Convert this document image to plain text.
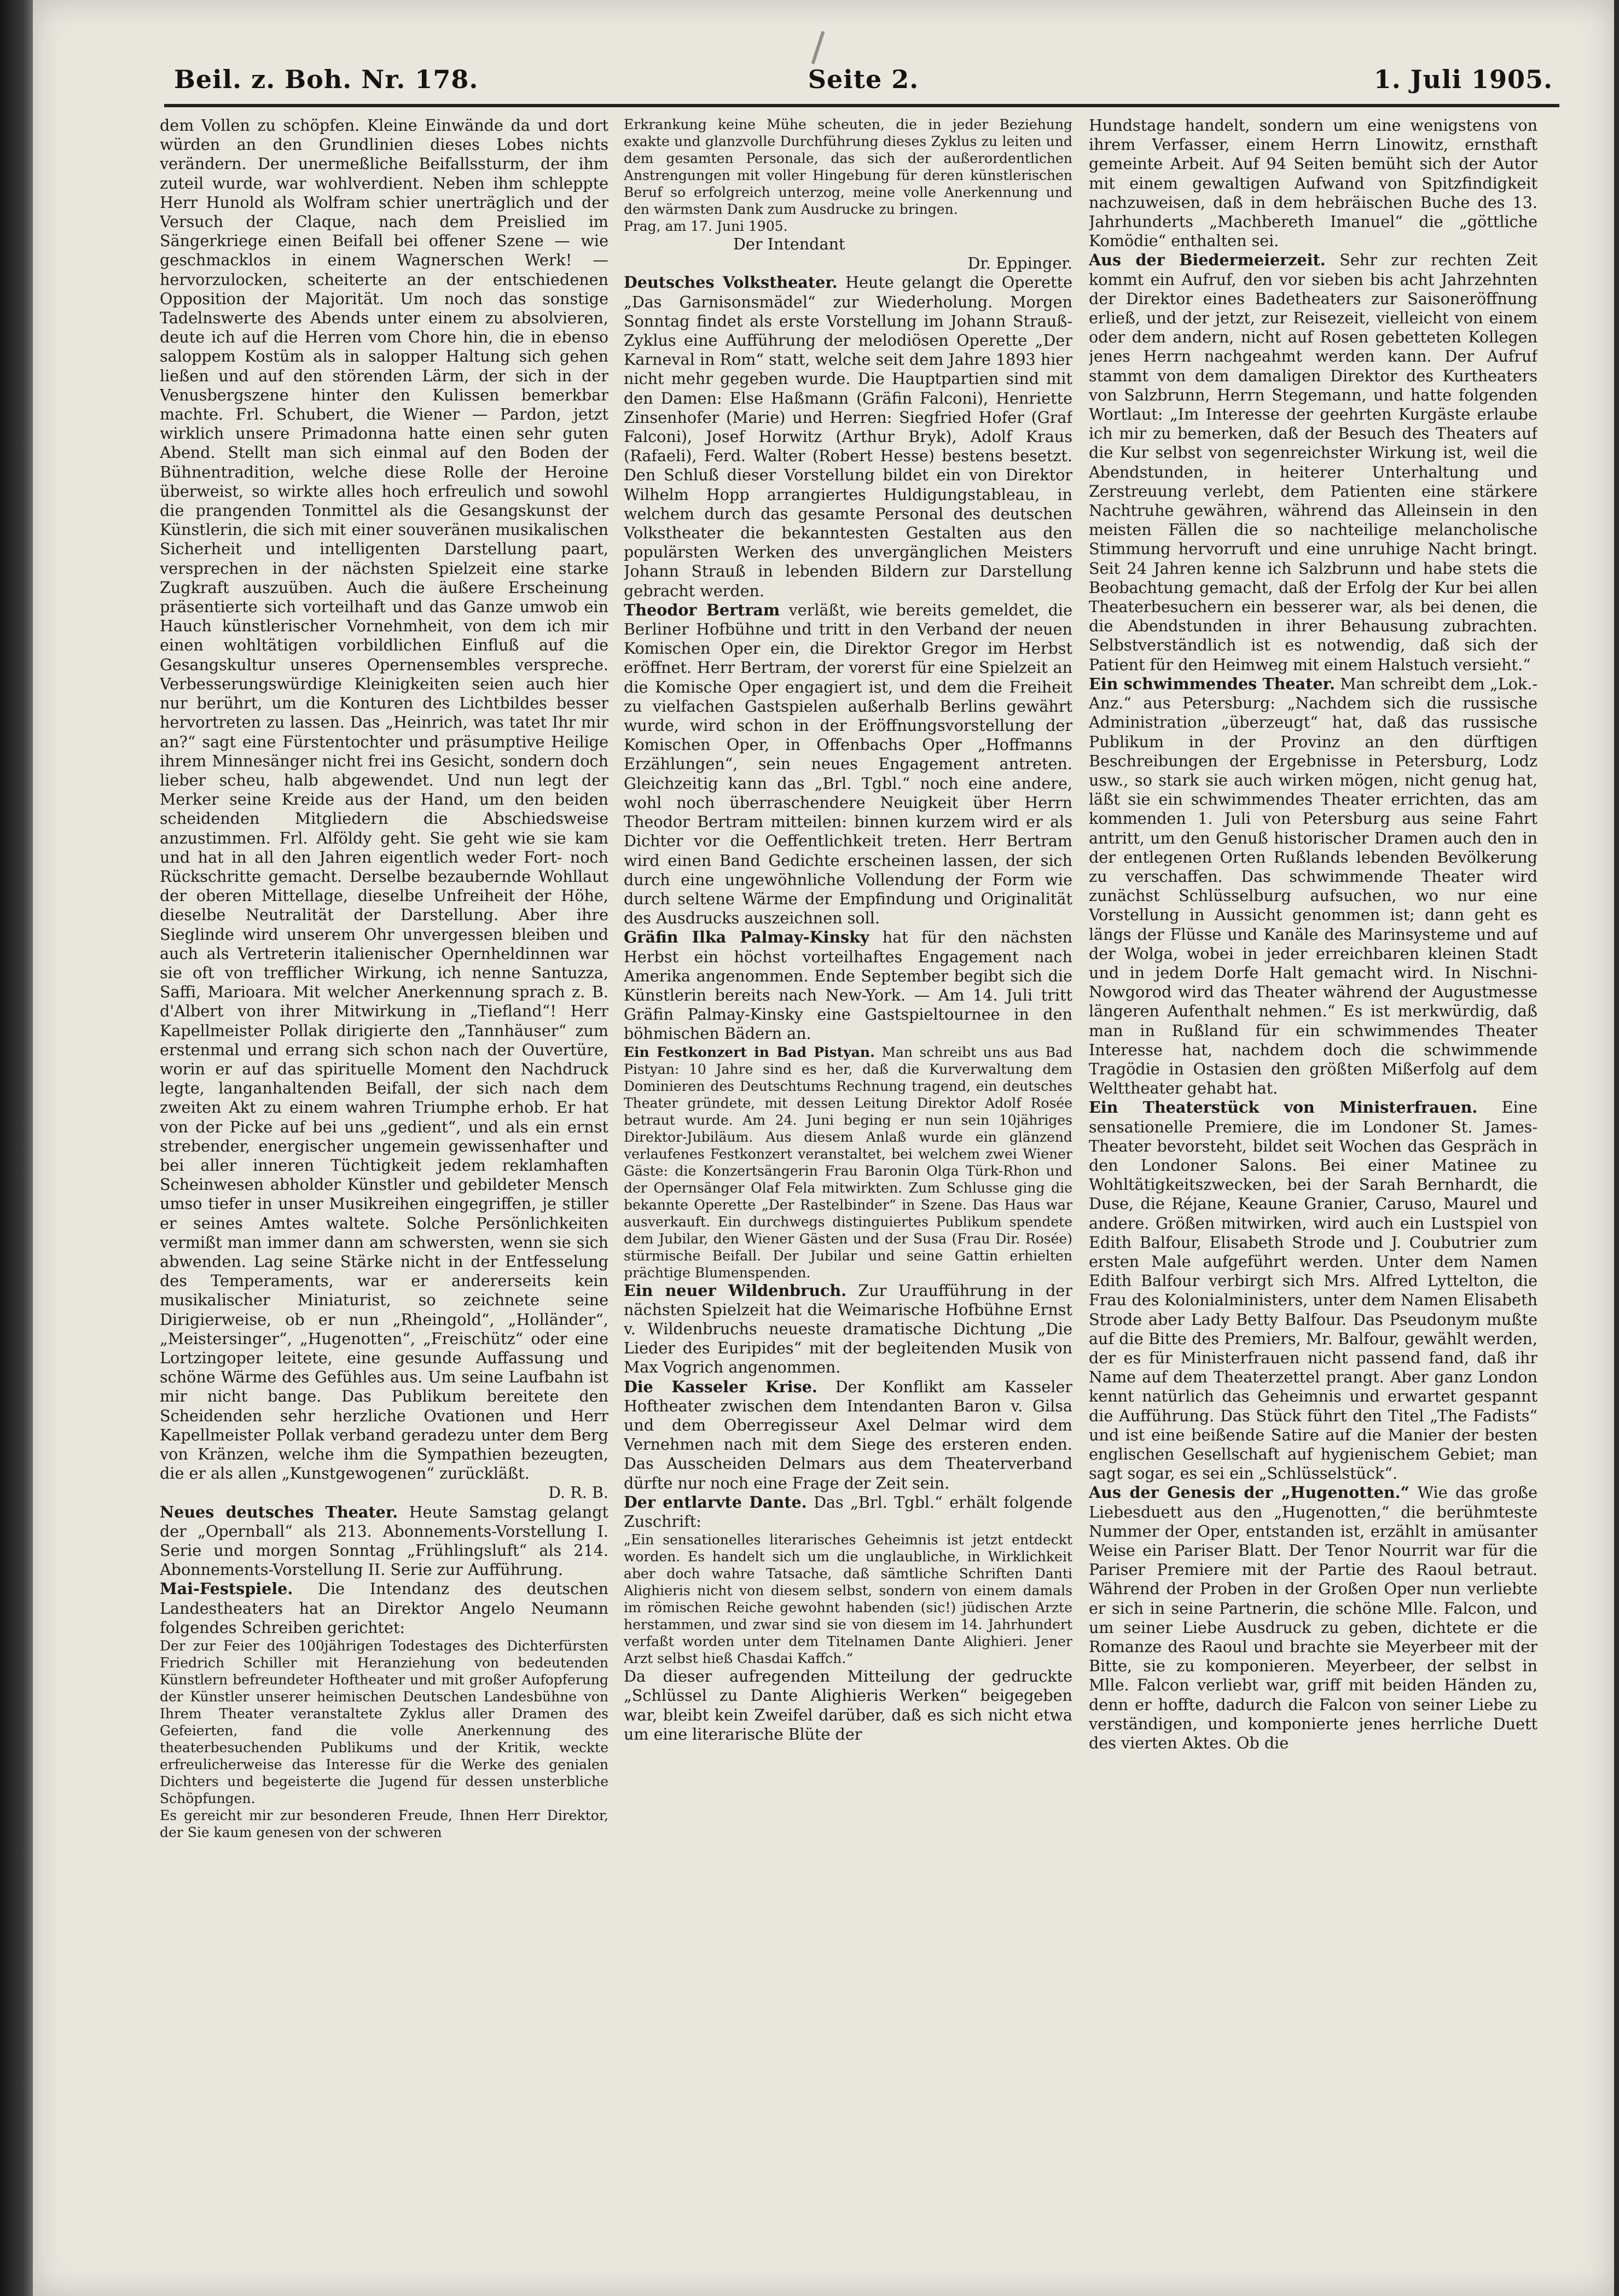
Beil. z. Boh. Nr. 178.	Seite 2.	1. Juli 1905.

dem Vollen zu schöpfen. Kleine Einwände da und dort würden an den Grundlinien dieses Lobes nichts verändern. Der unermeßliche Beifallssturm, der ihm zuteil wurde, war wohlverdient. Neben ihm schleppte Herr Hunold als Wolfram schier unerträglich und der Versuch der Claque, nach dem Preislied im Sängerkriege einen Beifall bei offener Szene — wie geschmacklos in einem Wagnerschen Werk! — hervorzulocken, scheiterte an der entschiedenen Opposition der Majorität. Um noch das sonstige Tadelnswerte des Abends unter einem zu absolvieren, deute ich auf die Herren vom Chore hin, die in ebenso saloppem Kostüm als in salopper Haltung sich gehen ließen und auf den störenden Lärm, der sich in der Venusbergszene hinter den Kulissen bemerkbar machte. Frl. Schubert, die Wiener — Pardon, jetzt wirklich unsere Primadonna hatte einen sehr guten Abend. Stellt man sich einmal auf den Boden der Bühnentradition, welche diese Rolle der Heroine überweist, so wirkte alles hoch erfreulich und sowohl die prangenden Tonmittel als die Gesangskunst der Künstlerin, die sich mit einer souveränen musikalischen Sicherheit und intelligenten Darstellung paart, versprechen in der nächsten Spielzeit eine starke Zugkraft auszuüben. Auch die äußere Erscheinung präsentierte sich vorteilhaft und das Ganze umwob ein Hauch künstlerischer Vornehmheit, von dem ich mir einen wohltätigen vorbildlichen Einfluß auf die Gesangskultur unseres Opernensembles verspreche. Verbesserungswürdige Kleinigkeiten seien auch hier nur berührt, um die Konturen des Lichtbildes besser hervortreten zu lassen. Das „Heinrich, was tatet Ihr mir an?“ sagt eine Fürstentochter und präsumptive Heilige ihrem Minnesänger nicht frei ins Gesicht, sondern doch lieber scheu, halb abgewendet. Und nun legt der Merker seine Kreide aus der Hand, um den beiden scheidenden Mitgliedern die Abschiedsweise anzustimmen. Frl. Alföldy geht. Sie geht wie sie kam und hat in all den Jahren eigentlich weder Fort- noch Rückschritte gemacht. Derselbe bezaubernde Wohllaut der oberen Mittellage, dieselbe Unfreiheit der Höhe, dieselbe Neutralität der Darstellung. Aber ihre Sieglinde wird unserem Ohr unvergessen bleiben und auch als Vertreterin italienischer Opernheldinnen war sie oft von trefflicher Wirkung, ich nenne Santuzza, Saffi, Marioara. Mit welcher Anerkennung sprach z. B. d'Albert von ihrer Mitwirkung in „Tiefland“! Herr Kapellmeister Pollak dirigierte den „Tannhäuser“ zum erstenmal und errang sich schon nach der Ouvertüre, worin er auf das spirituelle Moment den Nachdruck legte, langanhaltenden Beifall, der sich nach dem zweiten Akt zu einem wahren Triumphe erhob. Er hat von der Picke auf bei uns „gedient“, und als ein ernst strebender, energischer ungemein gewissenhafter und bei aller inneren Tüchtigkeit jedem reklamhaften Scheinwesen abholder Künstler und gebildeter Mensch umso tiefer in unser Musikreihen eingegriffen, je stiller er seines Amtes waltete. Solche Persönlichkeiten vermißt man immer dann am schwersten, wenn sie sich abwenden. Lag seine Stärke nicht in der Entfesselung des Temperaments, war er andererseits kein musikalischer Miniaturist, so zeichnete seine Dirigierweise, ob er nun „Rheingold“, „Holländer“, „Meistersinger“, „Hugenotten“, „Freischütz“ oder eine Lortzingoper leitete, eine gesunde Auffassung und schöne Wärme des Gefühles aus. Um seine Laufbahn ist mir nicht bange. Das Publikum bereitete den Scheidenden sehr herzliche Ovationen und Herr Kapellmeister Pollak verband geradezu unter dem Berg von Kränzen, welche ihm die Sympathien bezeugten, die er als allen „Kunstgewogenen“ zurückläßt.

D. R. B.

Neues deutsches Theater. Heute Samstag gelangt der „Opernball“ als 213. Abonnements-Vorstellung I. Serie und morgen Sonntag „Frühlingsluft“ als 214. Abonnements-Vorstellung II. Serie zur Aufführung.

Mai-Festspiele. Die Intendanz des deutschen Landestheaters hat an Direktor Angelo Neumann folgendes Schreiben gerichtet:

Der zur Feier des 100jährigen Todestages des Dichterfürsten Friedrich Schiller mit Heranziehung von bedeutenden Künstlern befreundeter Hoftheater und mit großer Aufopferung der Künstler unserer heimischen Deutschen Landesbühne von Ihrem Theater veranstaltete Zyklus aller Dramen des Gefeierten, fand die volle Anerkennung des theaterbesuchenden Publikums und der Kritik, weckte erfreulicherweise das Interesse für die Werke des genialen Dichters und begeisterte die Jugend für dessen unsterbliche Schöpfungen.

Es gereicht mir zur besonderen Freude, Ihnen Herr Direktor, der Sie kaum genesen von der schweren

Erkrankung keine Mühe scheuten, die in jeder Beziehung exakte und glanzvolle Durchführung dieses Zyklus zu leiten und dem gesamten Personale, das sich der außerordentlichen Anstrengungen mit voller Hingebung für deren künstlerischen Beruf so erfolgreich unterzog, meine volle Anerkennung und den wärmsten Dank zum Ausdrucke zu bringen.

Prag, am 17. Juni 1905.

Der Intendant
Dr. Eppinger.

Deutsches Volkstheater. Heute gelangt die Operette „Das Garnisonsmädel“ zur Wiederholung. Morgen Sonntag findet als erste Vorstellung im Johann Strauß-Zyklus eine Aufführung der melodiösen Operette „Der Karneval in Rom“ statt, welche seit dem Jahre 1893 hier nicht mehr gegeben wurde. Die Hauptpartien sind mit den Damen: Else Haßmann (Gräfin Falconi), Henriette Zinsenhofer (Marie) und Herren: Siegfried Hofer (Graf Falconi), Josef Horwitz (Arthur Bryk), Adolf Kraus (Rafaeli), Ferd. Walter (Robert Hesse) bestens besetzt. Den Schluß dieser Vorstellung bildet ein von Direktor Wilhelm Hopp arrangiertes Huldigungstableau, in welchem durch das gesamte Personal des deutschen Volkstheater die bekanntesten Gestalten aus den populärsten Werken des unvergänglichen Meisters Johann Strauß in lebenden Bildern zur Darstellung gebracht werden.

Theodor Bertram verläßt, wie bereits gemeldet, die Berliner Hofbühne und tritt in den Verband der neuen Komischen Oper ein, die Direktor Gregor im Herbst eröffnet. Herr Bertram, der vorerst für eine Spielzeit an die Komische Oper engagiert ist, und dem die Freiheit zu vielfachen Gastspielen außerhalb Berlins gewährt wurde, wird schon in der Eröffnungsvorstellung der Komischen Oper, in Offenbachs Oper „Hoffmanns Erzählungen“, sein neues Engagement antreten. Gleichzeitig kann das „Brl. Tgbl.“ noch eine andere, wohl noch überraschendere Neuigkeit über Herrn Theodor Bertram mitteilen: binnen kurzem wird er als Dichter vor die Oeffentlichkeit treten. Herr Bertram wird einen Band Gedichte erscheinen lassen, der sich durch eine ungewöhnliche Vollendung der Form wie durch seltene Wärme der Empfindung und Originalität des Ausdrucks auszeichnen soll.

Gräfin Ilka Palmay-Kinsky hat für den nächsten Herbst ein höchst vorteilhaftes Engagement nach Amerika angenommen. Ende September begibt sich die Künstlerin bereits nach New-York. — Am 14. Juli tritt Gräfin Palmay-Kinsky eine Gastspieltournee in den böhmischen Bädern an.

Ein Festkonzert in Bad Pistyan. Man schreibt uns aus Bad Pistyan: 10 Jahre sind es her, daß die Kurverwaltung dem Dominieren des Deutschtums Rechnung tragend, ein deutsches Theater gründete, mit dessen Leitung Direktor Adolf Rosée betraut wurde. Am 24. Juni beging er nun sein 10jähriges Direktor-Jubiläum. Aus diesem Anlaß wurde ein glänzend verlaufenes Festkonzert veranstaltet, bei welchem zwei Wiener Gäste: die Konzertsängerin Frau Baronin Olga Türk-Rhon und der Opernsänger Olaf Fela mitwirkten. Zum Schlusse ging die bekannte Operette „Der Rastelbinder“ in Szene. Das Haus war ausverkauft. Ein durchwegs distinguiertes Publikum spendete dem Jubilar, den Wiener Gästen und der Susa (Frau Dir. Rosée) stürmische Beifall. Der Jubilar und seine Gattin erhielten prächtige Blumenspenden.

Ein neuer Wildenbruch. Zur Uraufführung in der nächsten Spielzeit hat die Weimarische Hofbühne Ernst v. Wildenbruchs neueste dramatische Dichtung „Die Lieder des Euripides“ mit der begleitenden Musik von Max Vogrich angenommen.

Die Kasseler Krise. Der Konflikt am Kasseler Hoftheater zwischen dem Intendanten Baron v. Gilsa und dem Oberregisseur Axel Delmar wird dem Vernehmen nach mit dem Siege des ersteren enden. Das Ausscheiden Delmars aus dem Theaterverband dürfte nur noch eine Frage der Zeit sein.

Der entlarvte Dante. Das „Brl. Tgbl.“ erhält folgende Zuschrift:

„Ein sensationelles literarisches Geheimnis ist jetzt entdeckt worden. Es handelt sich um die unglaubliche, in Wirklichkeit aber doch wahre Tatsache, daß sämtliche Schriften Danti Alighieris nicht von diesem selbst, sondern von einem damals im römischen Reiche gewohnt habenden (sic!) jüdischen Arzte herstammen, und zwar sind sie von diesem im 14. Jahrhundert verfaßt worden unter dem Titelnamen Dante Alighieri. Jener Arzt selbst hieß Chasdai Kaffch.“

Da dieser aufregenden Mitteilung der gedruckte „Schlüssel zu Dante Alighieris Werken“ beigegeben war, bleibt kein Zweifel darüber, daß es sich nicht etwa um eine literarische Blüte der

Hundstage handelt, sondern um eine wenigstens von ihrem Verfasser, einem Herrn Linowitz, ernsthaft gemeinte Arbeit. Auf 94 Seiten bemüht sich der Autor mit einem gewaltigen Aufwand von Spitzfindigkeit nachzuweisen, daß in dem hebräischen Buche des 13. Jahrhunderts „Machbereth Imanuel“ die „göttliche Komödie“ enthalten sei.

Aus der Biedermeierzeit. Sehr zur rechten Zeit kommt ein Aufruf, den vor sieben bis acht Jahrzehnten der Direktor eines Badetheaters zur Saisoneröffnung erließ, und der jetzt, zur Reisezeit, vielleicht von einem oder dem andern, nicht auf Rosen gebetteten Kollegen jenes Herrn nachgeahmt werden kann. Der Aufruf stammt von dem damaligen Direktor des Kurtheaters von Salzbrunn, Herrn Stegemann, und hatte folgenden Wortlaut: „Im Interesse der geehrten Kurgäste erlaube ich mir zu bemerken, daß der Besuch des Theaters auf die Kur selbst von segenreichster Wirkung ist, weil die Abendstunden, in heiterer Unterhaltung und Zerstreuung verlebt, dem Patienten eine stärkere Nachtruhe gewähren, während das Alleinsein in den meisten Fällen die so nachteilige melancholische Stimmung hervorruft und eine unruhige Nacht bringt. Seit 24 Jahren kenne ich Salzbrunn und habe stets die Beobachtung gemacht, daß der Erfolg der Kur bei allen Theaterbesuchern ein besserer war, als bei denen, die die Abendstunden in ihrer Behausung zubrachten. Selbstverständlich ist es notwendig, daß sich der Patient für den Heimweg mit einem Halstuch versieht.“

Ein schwimmendes Theater. Man schreibt dem „Lok.-Anz.“ aus Petersburg: „Nachdem sich die russische Administration „überzeugt“ hat, daß das russische Publikum in der Provinz an den dürftigen Beschreibungen der Ergebnisse in Petersburg, Lodz usw., so stark sie auch wirken mögen, nicht genug hat, läßt sie ein schwimmendes Theater errichten, das am kommenden 1. Juli von Petersburg aus seine Fahrt antritt, um den Genuß historischer Dramen auch den in der entlegenen Orten Rußlands lebenden Bevölkerung zu verschaffen. Das schwimmende Theater wird zunächst Schlüsselburg aufsuchen, wo nur eine Vorstellung in Aussicht genommen ist; dann geht es längs der Flüsse und Kanäle des Marinsysteme und auf der Wolga, wobei in jeder erreichbaren kleinen Stadt und in jedem Dorfe Halt gemacht wird. In Nischni-Nowgorod wird das Theater während der Augustmesse längeren Aufenthalt nehmen.“ Es ist merkwürdig, daß man in Rußland für ein schwimmendes Theater Interesse hat, nachdem doch die schwimmende Tragödie in Ostasien den größten Mißerfolg auf dem Welttheater gehabt hat.

Ein Theaterstück von Ministerfrauen. Eine sensationelle Premiere, die im Londoner St. James-Theater bevorsteht, bildet seit Wochen das Gespräch in den Londoner Salons. Bei einer Matinee zu Wohltätigkeitszwecken, bei der Sarah Bernhardt, die Duse, die Réjane, Keaune Granier, Caruso, Maurel und andere. Größen mitwirken, wird auch ein Lustspiel von Edith Balfour, Elisabeth Strode und J. Coubutrier zum ersten Male aufgeführt werden. Unter dem Namen Edith Balfour verbirgt sich Mrs. Alfred Lyttelton, die Frau des Kolonialministers, unter dem Namen Elisabeth Strode aber Lady Betty Balfour. Das Pseudonym mußte auf die Bitte des Premiers, Mr. Balfour, gewählt werden, der es für Ministerfrauen nicht passend fand, daß ihr Name auf dem Theaterzettel prangt. Aber ganz London kennt natürlich das Geheimnis und erwartet gespannt die Aufführung. Das Stück führt den Titel „The Fadists“ und ist eine beißende Satire auf die Manier der besten englischen Gesellschaft auf hygienischem Gebiet; man sagt sogar, es sei ein „Schlüsselstück“.

Aus der Genesis der „Hugenotten.“ Wie das große Liebesduett aus den „Hugenotten,“ die berühmteste Nummer der Oper, entstanden ist, erzählt in amüsanter Weise ein Pariser Blatt. Der Tenor Nourrit war für die Pariser Premiere mit der Partie des Raoul betraut. Während der Proben in der Großen Oper nun verliebte er sich in seine Partnerin, die schöne Mlle. Falcon, und um seiner Liebe Ausdruck zu geben, dichtete er die Romanze des Raoul und brachte sie Meyerbeer mit der Bitte, sie zu komponieren. Meyerbeer, der selbst in Mlle. Falcon verliebt war, griff mit beiden Händen zu, denn er hoffte, dadurch die Falcon von seiner Liebe zu verständigen, und komponierte jenes herrliche Duett des vierten Aktes. Ob die
